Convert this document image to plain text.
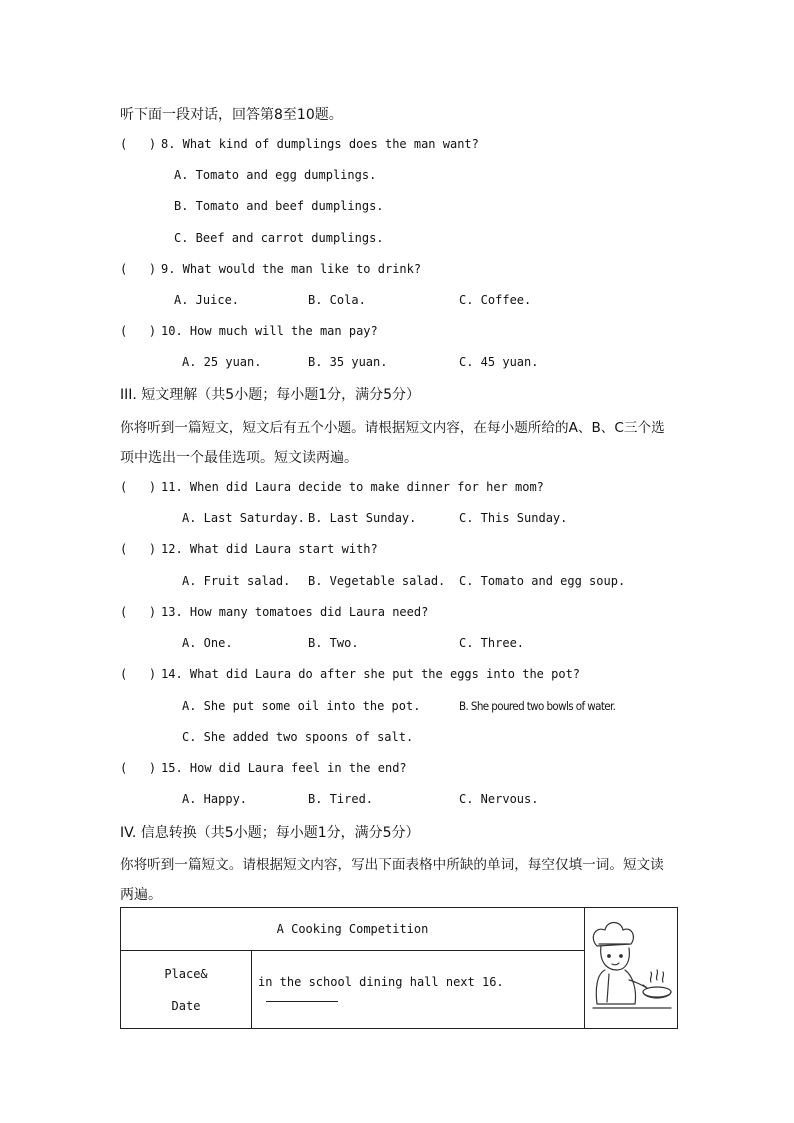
听下面一段对话，回答第8至10题。
(   ) 8. What kind of dumplings does the man want?
A. Tomato and egg dumplings.
B. Tomato and beef dumplings.
C. Beef and carrot dumplings.
(   ) 9. What would the man like to drink?
A. Juice.	B. Cola.	C. Coffee.
(   ) 10. How much will the man pay?
A. 25 yuan.	B. 35 yuan.	C. 45 yuan.
III. 短文理解（共5小题；每小题1分，满分5分）
你将听到一篇短文，短文后有五个小题。请根据短文内容，在每小题所给的A、B、C三个选
项中选出一个最佳选项。短文读两遍。
(   ) 11. When did Laura decide to make dinner for her mom?
A. Last Saturday. B. Last Sunday.	C. This Sunday.
(   ) 12. What did Laura start with?
A. Fruit salad. B. Vegetable salad. C. Tomato and egg soup.
(   ) 13. How many tomatoes did Laura need?
A. One.	B. Two.	C. Three.
(   ) 14. What did Laura do after she put the eggs into the pot?
A. She put some oil into the pot.	B. She poured two bowls of water.
C. She added two spoons of salt.
(   ) 15. How did Laura feel in the end?
A. Happy.	B. Tired.	C. Nervous.
IV. 信息转换（共5小题；每小题1分，满分5分）
你将听到一篇短文。请根据短文内容，写出下面表格中所缺的单词，每空仅填一词。短文读
两遍。
A Cooking Competition	

Place&
Date	in the school dining hall next 16.	
